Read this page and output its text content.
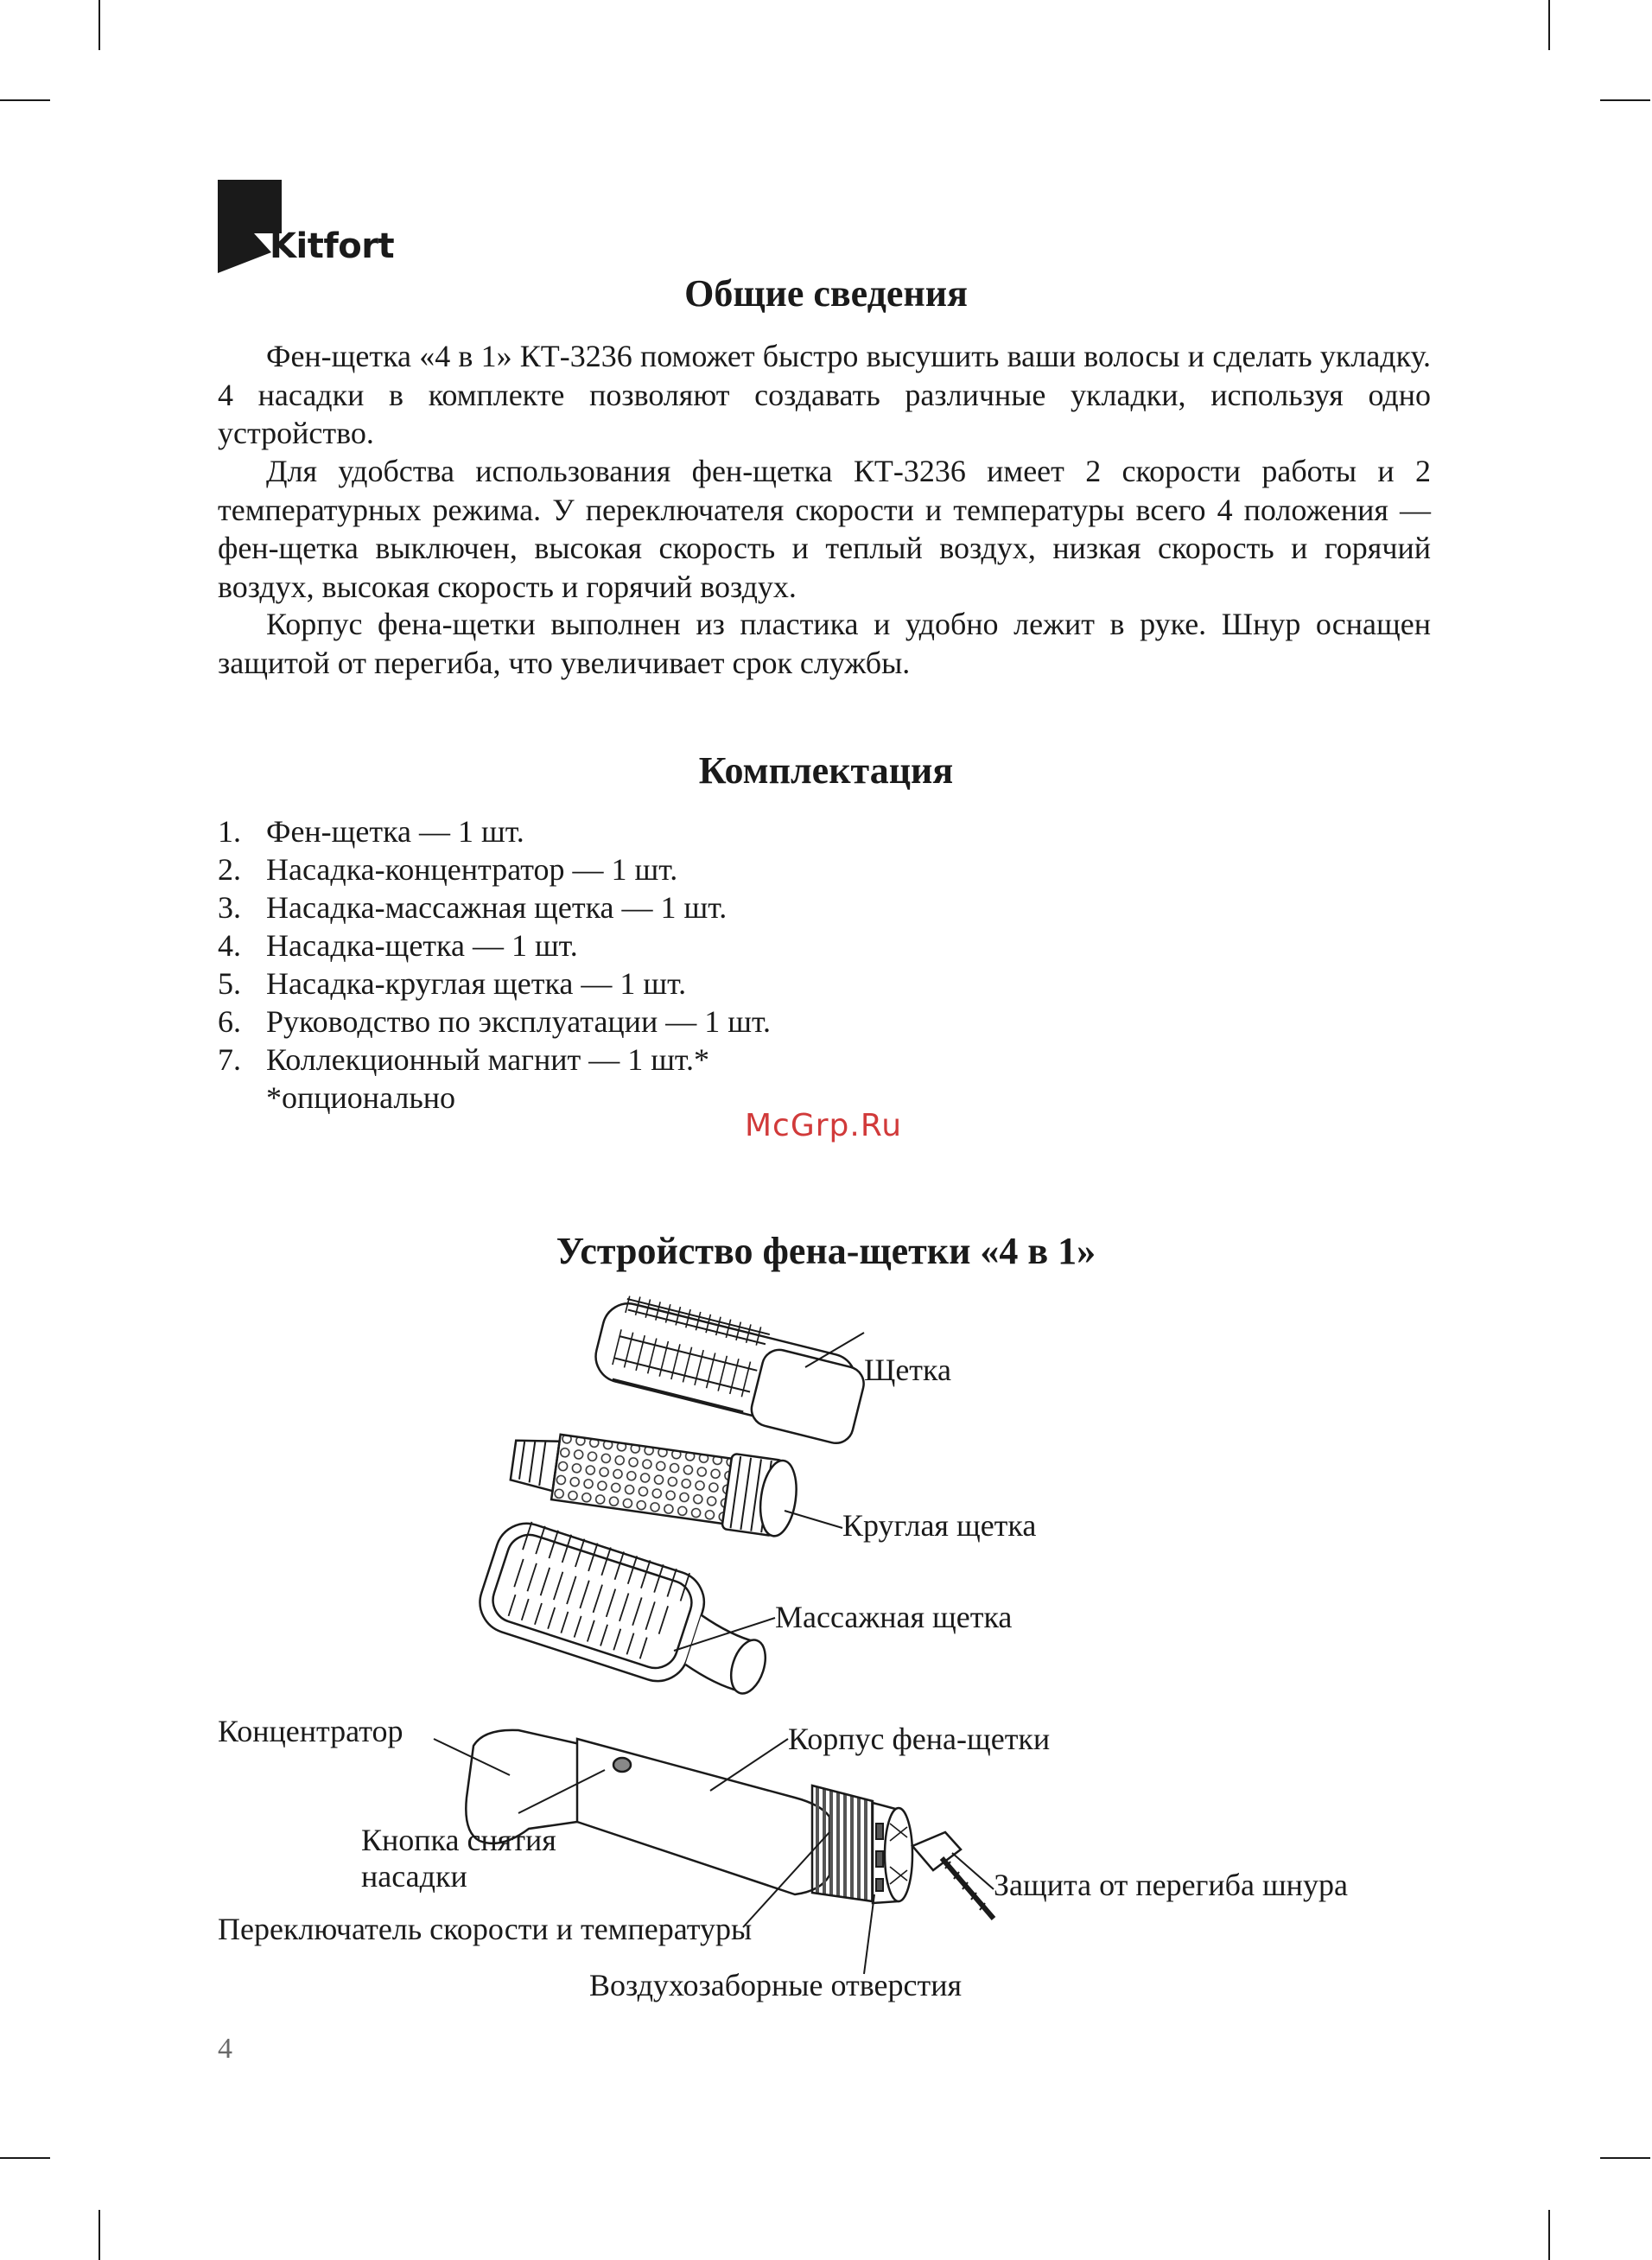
Kitfort
Общие сведения

Фен-щетка «4 в 1» КТ-3236 поможет быстро высушить ваши волосы и сделать укладку. 4 насадки в комплекте позволяют создавать различные укладки, используя одно устройство.

Для удобства использования фен-щетка КТ-3236 имеет 2 скорости работы и 2 температурных режима. У переключателя скорости и температуры всего 4 положения — фен-щетка выключен, высокая скорость и теплый воздух, низкая скорость и горячий воздух, высокая скорость и горячий воздух.

Корпус фена-щетки выполнен из пластика и удобно лежит в руке. Шнур оснащен защитой от перегиба, что увеличивает срок службы.

Комплектация
1. Фен-щетка — 1 шт.
2. Насадка-концентратор — 1 шт.
3. Насадка-массажная щетка — 1 шт.
4. Насадка-щетка — 1 шт.
5. Насадка-круглая щетка — 1 шт.
6. Руководство по эксплуатации — 1 шт.
7. Коллекционный магнит — 1 шт.*
*опционально
McGrp.Ru
Устройство фена-щетки «4 в 1»
Щетка
Круглая щетка
Массажная щетка
Концентратор	Корпус фена-щетки
Кнопка снятия
насадки	Защита от перегиба шнура
Переключатель скорости и температуры
Воздухозаборные отверстия
4
